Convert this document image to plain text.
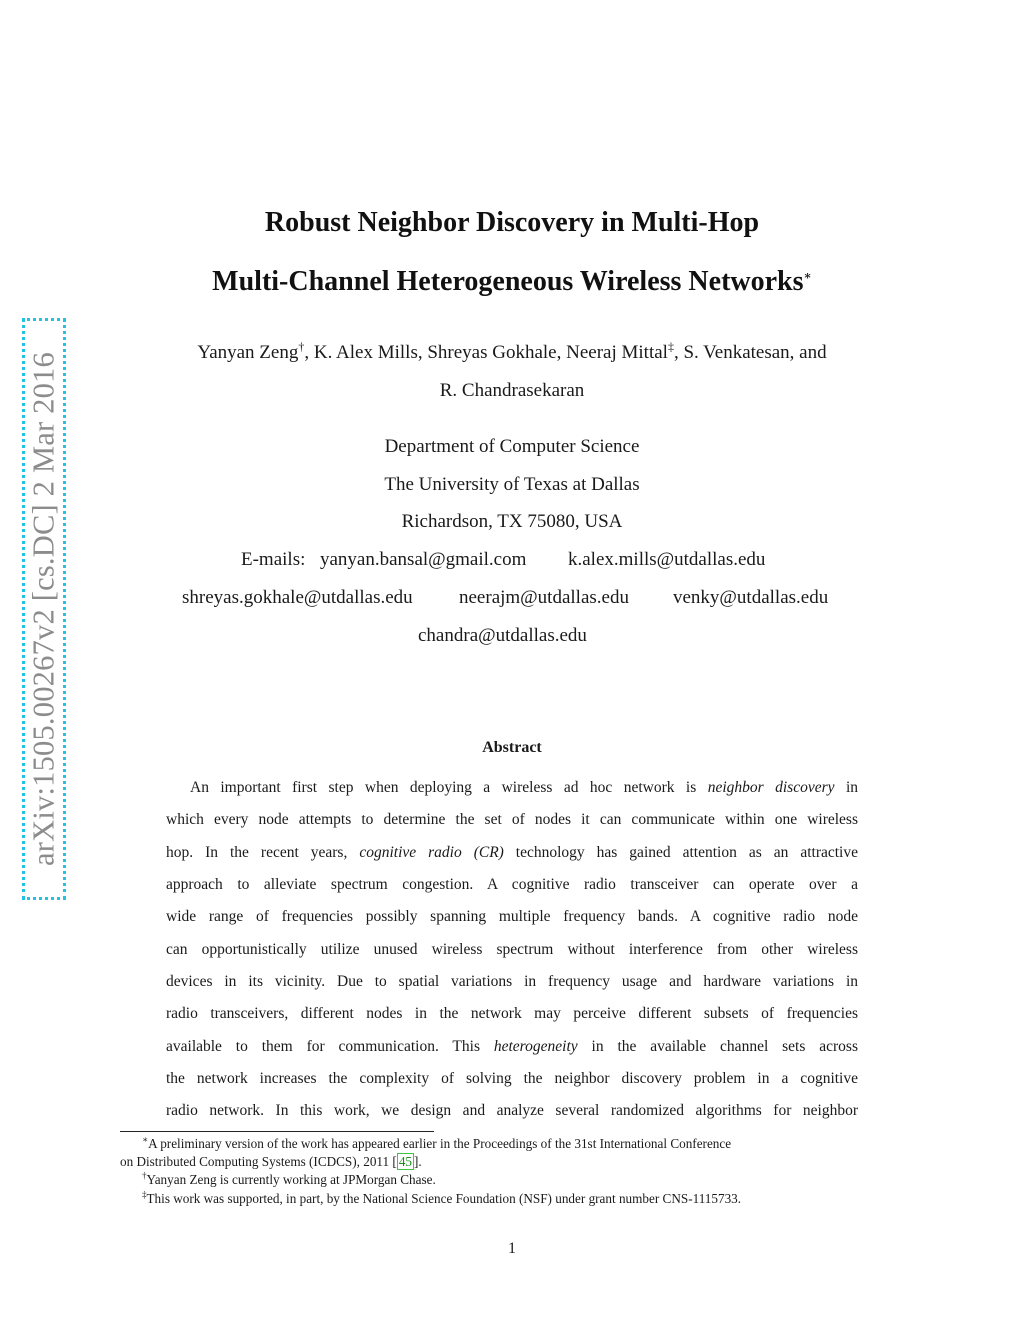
arXiv:1505.00267v2 [cs.DC] 2 Mar 2016
Robust Neighbor Discovery in Multi-Hop
Multi-Channel Heterogeneous Wireless Networks∗
Yanyan Zeng†, K. Alex Mills, Shreyas Gokhale, Neeraj Mittal‡, S. Venkatesan, and
R. Chandrasekaran
Department of Computer Science
The University of Texas at Dallas
Richardson, TX 75080, USA
E-mails: yanyan.bansal@gmail.com k.alex.mills@utdallas.edu
shreyas.gokhale@utdallas.edu neerajm@utdallas.edu venky@utdallas.edu
chandra@utdallas.edu
Abstract
An important first step when deploying a wireless ad hoc network is neighbor discovery in
which every node attempts to determine the set of nodes it can communicate within one wireless
hop. In the recent years, cognitive radio (CR) technology has gained attention as an attractive
approach to alleviate spectrum congestion. A cognitive radio transceiver can operate over a
wide range of frequencies possibly spanning multiple frequency bands. A cognitive radio node
can opportunistically utilize unused wireless spectrum without interference from other wireless
devices in its vicinity. Due to spatial variations in frequency usage and hardware variations in
radio transceivers, different nodes in the network may perceive different subsets of frequencies
available to them for communication. This heterogeneity in the available channel sets across
the network increases the complexity of solving the neighbor discovery problem in a cognitive
radio network. In this work, we design and analyze several randomized algorithms for neighbor
∗A preliminary version of the work has appeared earlier in the Proceedings of the 31st International Conference
on Distributed Computing Systems (ICDCS), 2011 [ 45 ].
†Yanyan Zeng is currently working at JPMorgan Chase.
‡This work was supported, in part, by the National Science Foundation (NSF) under grant number CNS-1115733.
1
